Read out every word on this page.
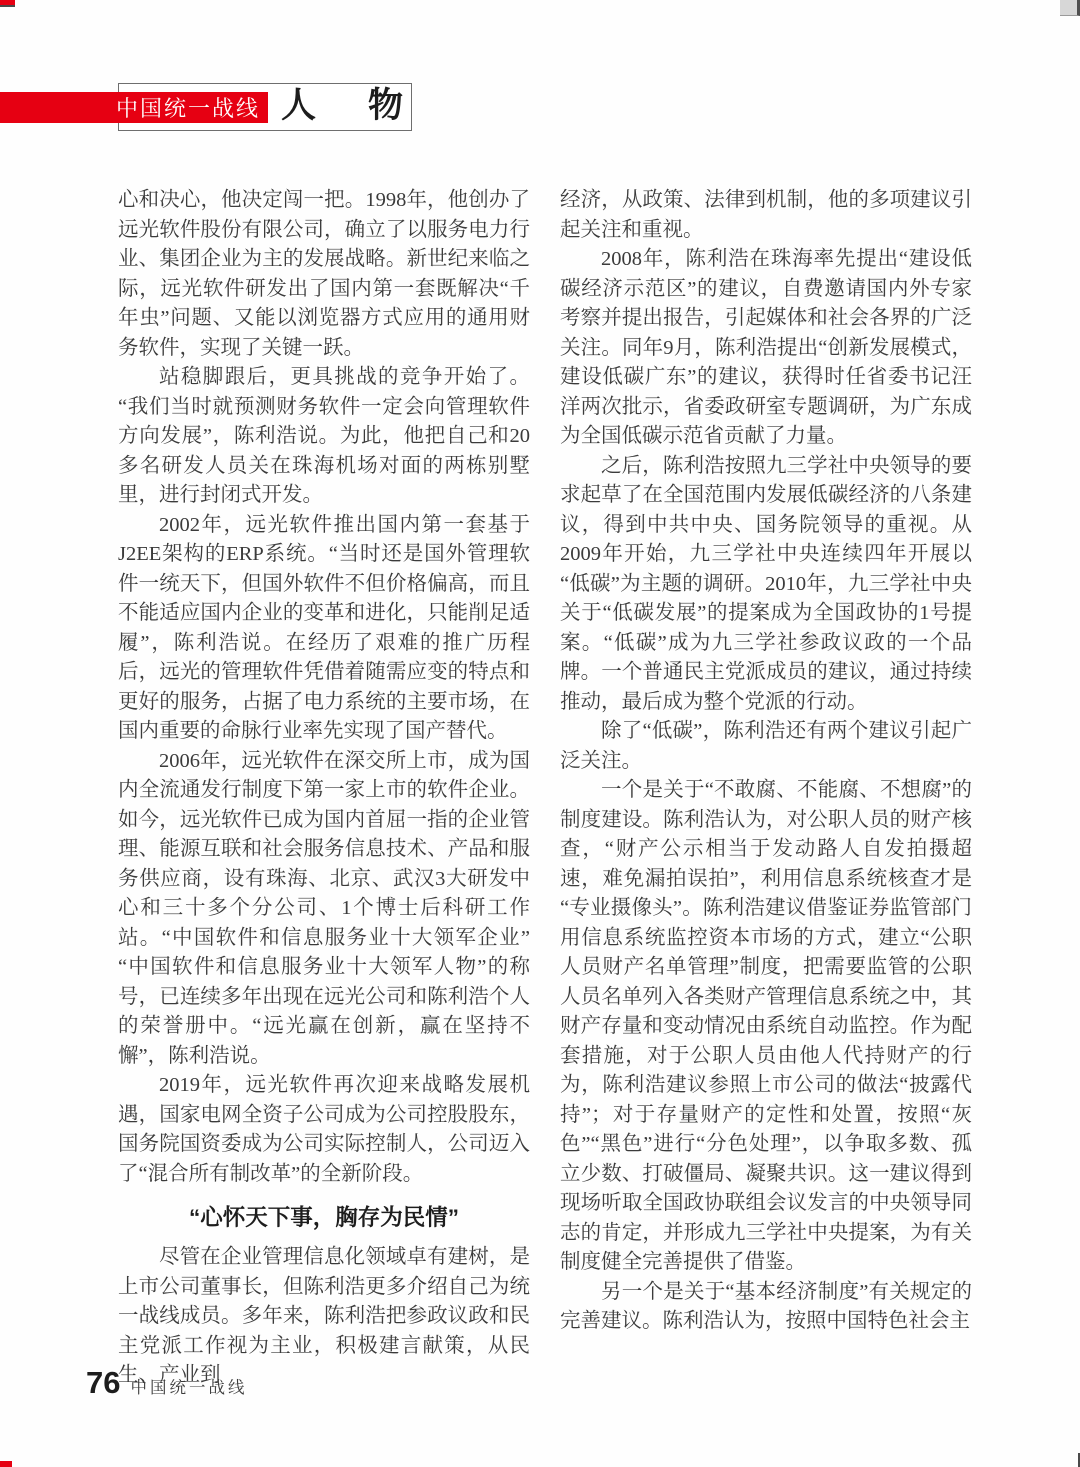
中国统一战线 人物

心和决心，他决定闯一把。1998年，他创办了远光软件股份有限公司，确立了以服务电力行业、集团企业为主的发展战略。新世纪来临之际，远光软件研发出了国内第一套既解决“千年虫”问题、又能以浏览器方式应用的通用财务软件，实现了关键一跃。

站稳脚跟后，更具挑战的竞争开始了。“我们当时就预测财务软件一定会向管理软件方向发展”，陈利浩说。为此，他把自己和20多名研发人员关在珠海机场对面的两栋别墅里，进行封闭式开发。

2002年，远光软件推出国内第一套基于J2EE架构的ERP系统。“当时还是国外管理软件一统天下，但国外软件不但价格偏高，而且不能适应国内企业的变革和进化，只能削足适履”，陈利浩说。在经历了艰难的推广历程后，远光的管理软件凭借着随需应变的特点和更好的服务，占据了电力系统的主要市场，在国内重要的命脉行业率先实现了国产替代。

2006年，远光软件在深交所上市，成为国内全流通发行制度下第一家上市的软件企业。如今，远光软件已成为国内首屈一指的企业管理、能源互联和社会服务信息技术、产品和服务供应商，设有珠海、北京、武汉3大研发中心和三十多个分公司、1个博士后科研工作站。“中国软件和信息服务业十大领军企业”“中国软件和信息服务业十大领军人物”的称号，已连续多年出现在远光公司和陈利浩个人的荣誉册中。“远光赢在创新，赢在坚持不懈”，陈利浩说。

2019年，远光软件再次迎来战略发展机遇，国家电网全资子公司成为公司控股股东，国务院国资委成为公司实际控制人，公司迈入了“混合所有制改革”的全新阶段。

“心怀天下事，胸存为民情”

尽管在企业管理信息化领域卓有建树，是上市公司董事长，但陈利浩更多介绍自己为统一战线成员。多年来，陈利浩把参政议政和民主党派工作视为主业，积极建言献策，从民生、产业到

经济，从政策、法律到机制，他的多项建议引起关注和重视。

2008年，陈利浩在珠海率先提出“建设低碳经济示范区”的建议，自费邀请国内外专家考察并提出报告，引起媒体和社会各界的广泛关注。同年9月，陈利浩提出“创新发展模式，建设低碳广东”的建议，获得时任省委书记汪洋两次批示，省委政研室专题调研，为广东成为全国低碳示范省贡献了力量。

之后，陈利浩按照九三学社中央领导的要求起草了在全国范围内发展低碳经济的八条建议，得到中共中央、国务院领导的重视。从2009年开始，九三学社中央连续四年开展以“低碳”为主题的调研。2010年，九三学社中央关于“低碳发展”的提案成为全国政协的1号提案。“低碳”成为九三学社参政议政的一个品牌。一个普通民主党派成员的建议，通过持续推动，最后成为整个党派的行动。

除了“低碳”，陈利浩还有两个建议引起广泛关注。

一个是关于“不敢腐、不能腐、不想腐”的制度建设。陈利浩认为，对公职人员的财产核查，“财产公示相当于发动路人自发拍摄超速，难免漏拍误拍”，利用信息系统核查才是“专业摄像头”。陈利浩建议借鉴证券监管部门用信息系统监控资本市场的方式，建立“公职人员财产名单管理”制度，把需要监管的公职人员名单列入各类财产管理信息系统之中，其财产存量和变动情况由系统自动监控。作为配套措施，对于公职人员由他人代持财产的行为，陈利浩建议参照上市公司的做法“披露代持”；对于存量财产的定性和处置，按照“灰色”“黑色”进行“分色处理”，以争取多数、孤立少数、打破僵局、凝聚共识。这一建议得到现场听取全国政协联组会议发言的中央领导同志的肯定，并形成九三学社中央提案，为有关制度健全完善提供了借鉴。

另一个是关于“基本经济制度”有关规定的完善建议。陈利浩认为，按照中国特色社会主

76 中国统一战线
